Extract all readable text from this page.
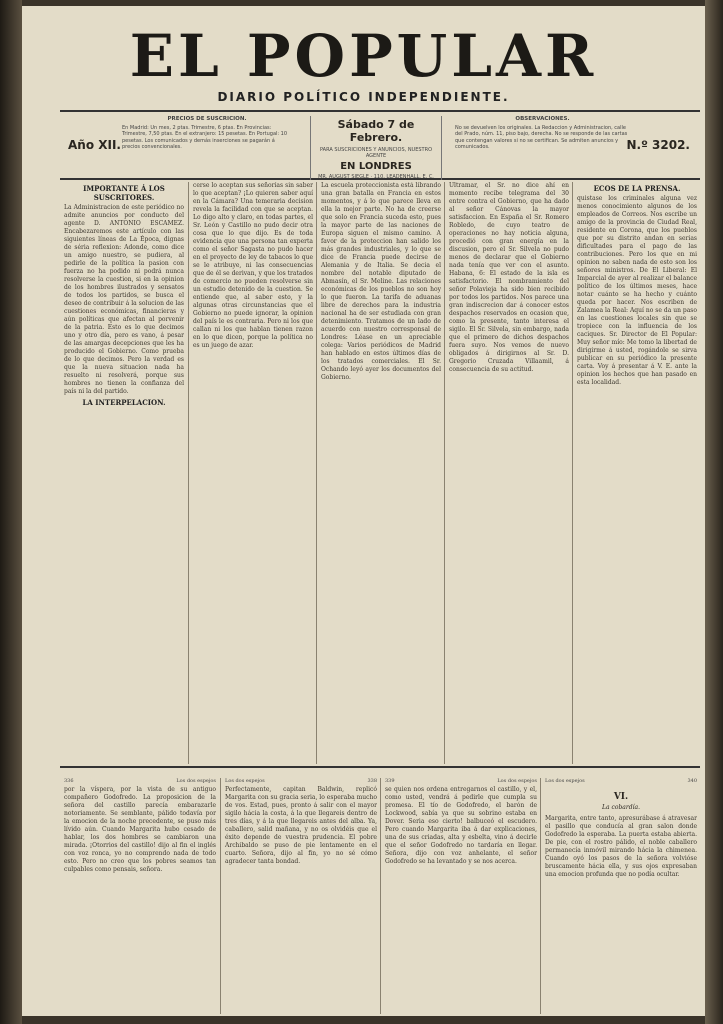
EL POPULAR
DIARIO POLÍTICO INDEPENDIENTE.
Año XII.
PRECIOS DE SUSCRICION.
En Madrid: Un mes, 2 ptas. Trimestre, 6 ptas. En Provincias: Trimestre, 7,50 ptas. En el extranjero: 15 pesetas. En Portugal: 10 pesetas. Los comunicados y demás inserciones se pagarán á precios convencionales.
Sábado 7 de Febrero.
PARA SUSCRICIONES Y ANUNCIOS, NUESTRO AGENTE
EN LONDRES
MR. AUGUST SIEGLE · 110, LEADENHALL, E. C.
OBSERVACIONES.
No se devuelven los originales. La Redaccion y Administracion, calle del Prado, núm. 11, piso bajo, derecha. No se responde de las cartas que contengan valores si no se certifican. Se admiten anuncios y comunicados.	N.º 3202.
IMPORTANTE Á LOS SUSCRITORES.
La Administracion de este periódico no admite anuncios por conducto del agente D. ANTONIO ESCAMEZ. Encabezaremos este artículo con las siguientes líneas de La Época, dignas de séria reflexion: Adonde, como dice un amigo nuestro, se pudiera, al pedirle de la política la pasion con fuerza no ha podido ni podrá nunca resolverse la cuestion, si en la opinion de los hombres ilustrados y sensatos de todos los partidos, se busca el deseo de contribuir á la solucion de las cuestiones económicas, financieras y aún políticas que afectan al porvenir de la patria. Esto es lo que decimos uno y otro día, pero es vano, á pesar de las amargas decepciones que les ha producido el Gobierno. Como prueba de lo que decimos. Pero la verdad es que la nueva situacion nada ha resuelto ni resolverá, porque sus hombres no tienen la confianza del país ni la del partido.
LA INTERPELACION.
cerse lo aceptan sus señorías sin saber lo que aceptan? ¡Lo quieren saber aquí en la Cámara? Una temeraria decision revela la facilidad con que se aceptan. Lo digo alto y claro, en todas partes, el Sr. León y Castillo no pudo decir otra cosa que lo que dijo. Es de toda evidencia que una persona tan experta como el señor Sagasta no pudo hacer en el proyecto de ley de tabacos lo que se le atribuye, ni las consecuencias que de él se derivan, y que los tratados de comercio no pueden resolverse sin un estudio detenido de la cuestion. Se entiende que, al saber esto, y la algunas otras circunstancias que el Gobierno no puede ignorar, la opinion del país le es contraria. Pero ni los que callan ni los que hablan tienen razon en lo que dicen, porque la política no es un juego de azar.
La escuela proteccionista está librando una gran batalla en Francia en estos momentos, y á lo que parece lleva en ella la mejor parte. No ha de creerse que solo en Francia suceda esto, pues la mayor parte de las naciones de Europa siguen el mismo camino. A favor de la proteccion han salido los más grandes industriales, y lo que se dice de Francia puede decirse de Alemania y de Italia. Se decia el nombre del notable diputado de Abmasín, el Sr. Meline. Las relaciones económicas de los pueblos no son hoy lo que fueron. La tarifa de aduanas libre de derechos para la industria nacional ha de ser estudiada con gran detenimiento. Tratamos de un lado de acuerdo con nuestro corresponsal de Londres: Léase en un apreciable colega: Varios periódicos de Madrid han hablado en estos últimos días de los tratados comerciales. El Sr. Ochando leyó ayer los documentos del Gobierno.
Ultramar, el Sr. no dice ahí en momento recibe telegrama del 30 entre contra el Gobierno, que ha dado al señor Cánovas la mayor satisfaccion. En España el Sr. Romero Robledo, de cuyo teatro de operaciones no hay noticia alguna, procedió con gran energía en la discusion, pero el Sr. Silvela no pudo menos de declarar que el Gobierno nada tenía que ver con el asunto. Habana, 6: El estado de la isla es satisfactorio. El nombramiento del señor Polavieja ha sido bien recibido por todos los partidos. Nos parece una gran indiscrecion dar á conocer estos despachos reservados en ocasion que, como la presente, tanto interesa el sigilo. El Sr. Silvela, sin embargo, nada que el primero de dichos despachos fuera suyo. Nos vemos de nuevo obligados á dirigirnos al Sr. D. Gregorio Cruzada Villaamil, á consecuencia de su actitud.
ECOS DE LA PRENSA.
quistase los criminales alguna vez menos conocimiento algunos de los empleados de Correos. Nos escribe un amigo de la provincia de Ciudad Real, residente en Corona, que los pueblos que por su distrito andan en serias dificultades para el pago de las contribuciones. Pero los que en mi opinion no saben nada de esto son los señores ministros. De El Liberal: El Imparcial de ayer al realizar el balance político de los últimos meses, hace notar cuánto se ha hecho y cuánto queda por hacer. Nos escriben de Zalamea la Real: Aquí no se da un paso en las cuestiones locales sin que se tropiece con la influencia de los caciques. Sr. Director de El Popular: Muy señor mío: Me tomo la libertad de dirigirme á usted, rogándole se sirva publicar en su periódico la presente carta. Voy á presentar á V. E. ante la opinion los hechos que han pasado en esta localidad.
336	Los dos espejos
por la víspera, por la vista de su antiguo compañero Godofredo. La proposicion de la señora del castillo parecía embarazarle notoriamente. Se semblante, pálido todavía por la emocion de la noche precedente, se puso más lívido aún. Cuando Margarita hubo cesado de hablar, los dos hombres se cambiaron una mirada. ¡Otorrios del castillo! dijo al fin el inglés con voz ronca, yo no comprendo nada de todo esto. Pero no creo que los pobres seamos tan culpables como pensais, señora.
Los dos espejos	338
Perfectamente, capitan Baldwin, replicó Margarita con su gracia seria, lo esperaba mucho de vos. Estad, pues, pronto á salir con el mayor sigilo hácia la costa, á la que llegareis dentro de tres días, y á la que llegareis antes del alba. Ya, caballero, salid mañana, y no os olvidéis que el éxito depende de vuestra prudencia. El pobre Archibaldo se puso de pie lentamente en el cuarto. Señora, dijo al fin, yo no sé cómo agradecer tanta bondad.
339	Los dos espejos
se quien nos ordena entregarnos el castillo, y el, como usted, vendrá á pedirle que cumpla su promesa. El tío de Godofredo, el barón de Lockwood, sabía ya que su sobrino estaba en Dover. Seria eso cierto! balbuceó el escudero. Pero cuando Margarita iba á dar explicaciones, una de sus criadas, alta y esbelta, vino á decirle que el señor Godofredo no tardaría en llegar. Señora, dijo con voz anhelante, el señor Godofredo se ha levantado y se nos acerca.
Los dos espejos	340
VI.
La cobardía.
Margarita, entre tanto, apresurábase á atravesar el pasillo que conducía al gran salon donde Godofredo la esperaba. La puerta estaba abierta. De pie, con el rostro pálido, el noble caballero permanecía inmóvil mirando hácia la chimenea. Cuando oyó los pasos de la señora volvióse bruscamente hácia ella, y sus ojos expresaban una emocion profunda que no podía ocultar.
